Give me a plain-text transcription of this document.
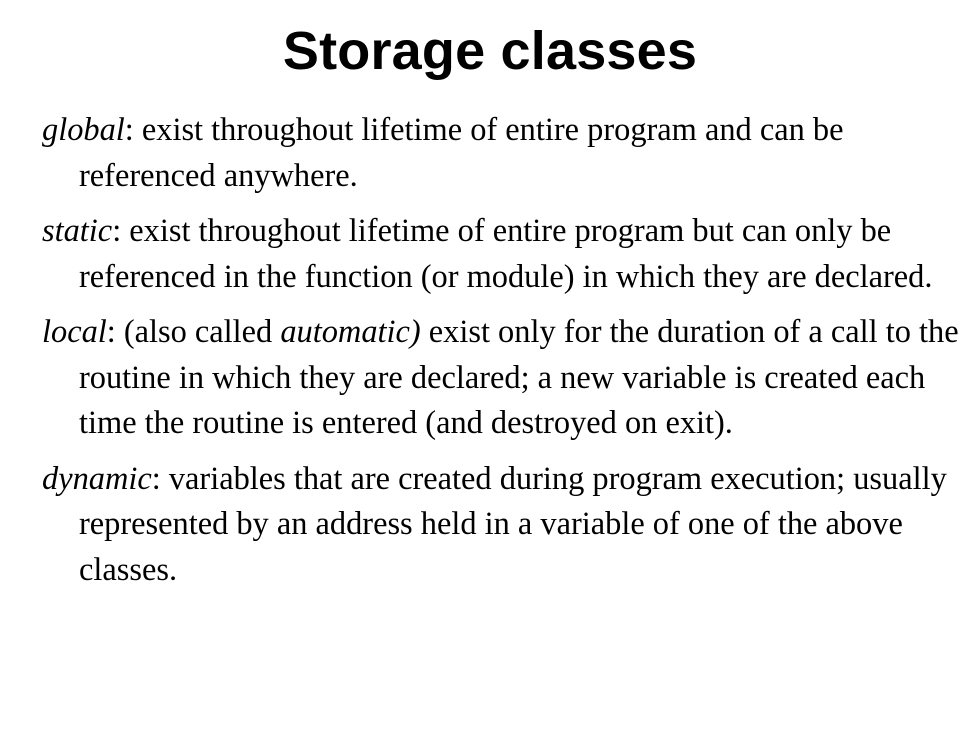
Storage classes

global: exist throughout lifetime of entire program and can be referenced anywhere.

static: exist throughout lifetime of entire program but can only be referenced in the function (or module) in which they are declared.

local: (also called automatic) exist only for the duration of a call to the routine in which they are declared; a new variable is created each time the routine is entered (and destroyed on exit).

dynamic: variables that are created during program execution; usually represented by an address held in a variable of one of the above classes.
